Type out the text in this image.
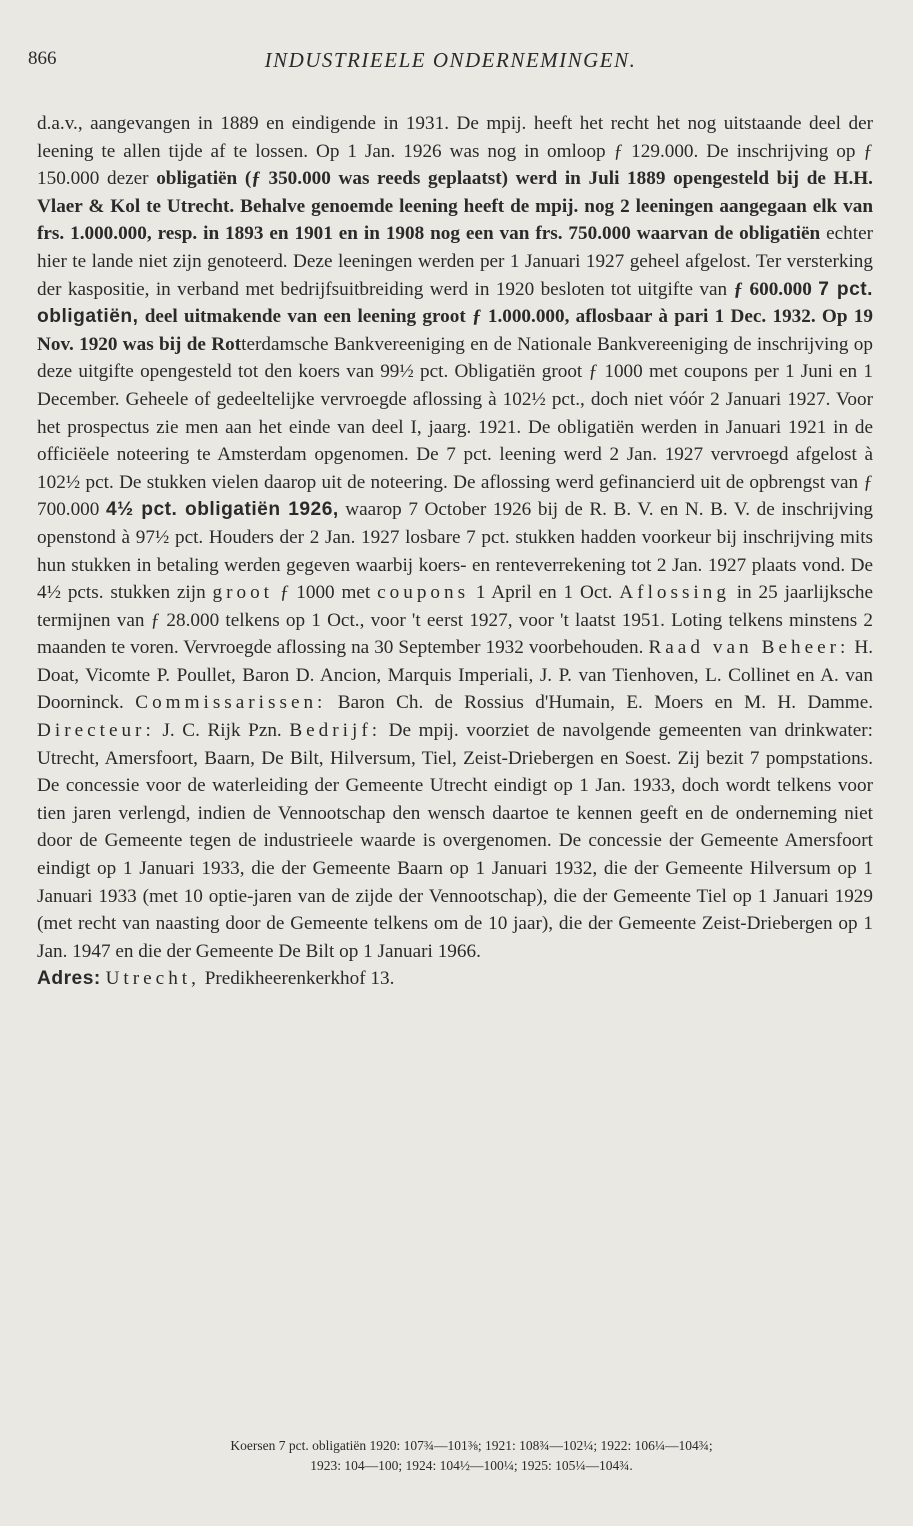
866	INDUSTRIEELE ONDERNEMINGEN.

d.a.v., aangevangen in 1889 en eindigende in 1931. De mpij. heeft het recht het nog uitstaande deel der leening te allen tijde af te lossen. Op 1 Jan. 1926 was nog in omloop ƒ 129.000. De inschrijving op ƒ 150.000 dezer obligatiën (ƒ 350.000 was reeds geplaatst) werd in Juli 1889 opengesteld bij de H.H. Vlaer & Kol te Utrecht. Behalve genoemde leening heeft de mpij. nog 2 leeningen aangegaan elk van frs. 1.000.000, resp. in 1893 en 1901 en in 1908 nog een van frs. 750.000 waarvan de obligatiën echter hier te lande niet zijn genoteerd. Deze leeningen werden per 1 Januari 1927 geheel afgelost. Ter versterking der kaspositie, in verband met bedrijfsuitbreiding werd in 1920 besloten tot uitgifte van ƒ 600.000 7 pct. obligatiën, deel uitmakende van een leening groot ƒ 1.000.000, aflosbaar à pari 1 Dec. 1932. Op 19 Nov. 1920 was bij de Rotterdamsche Bankvereeniging en de Nationale Bankvereeniging de inschrijving op deze uitgifte opengesteld tot den koers van 99½ pct. Obligatiën groot ƒ 1000 met coupons per 1 Juni en 1 December. Geheele of gedeeltelijke vervroegde aflossing à 102½ pct., doch niet vóór 2 Januari 1927. Voor het prospectus zie men aan het einde van deel I, jaarg. 1921. De obligatiën werden in Januari 1921 in de officiëele noteering te Amsterdam opgenomen. De 7 pct. leening werd 2 Jan. 1927 vervroegd afgelost à 102½ pct. De stukken vielen daarop uit de noteering. De aflossing werd gefinancierd uit de opbrengst van ƒ 700.000 4½ pct. obligatiën 1926, waarop 7 October 1926 bij de R. B. V. en N. B. V. de inschrijving openstond à 97½ pct. Houders der 2 Jan. 1927 losbare 7 pct. stukken hadden voorkeur bij inschrijving mits hun stukken in betaling werden gegeven waarbij koers- en renteverrekening tot 2 Jan. 1927 plaats vond. De 4½ pcts. stukken zijn groot ƒ 1000 met coupons 1 April en 1 Oct. Aflossing in 25 jaarlijksche termijnen van ƒ 28.000 telkens op 1 Oct., voor 't eerst 1927, voor 't laatst 1951. Loting telkens minstens 2 maanden te voren. Vervroegde aflossing na 30 September 1932 voorbehouden. Raad van Beheer: H. Doat, Vicomte P. Poullet, Baron D. Ancion, Marquis Imperiali, J. P. van Tienhoven, L. Collinet en A. van Doorninck. Commissarissen: Baron Ch. de Rossius d'Humain, E. Moers en M. H. Damme. Directeur: J. C. Rijk Pzn. Bedrijf: De mpij. voorziet de navolgende gemeenten van drinkwater: Utrecht, Amersfoort, Baarn, De Bilt, Hilversum, Tiel, Zeist-Driebergen en Soest. Zij bezit 7 pompstations. De concessie voor de waterleiding der Gemeente Utrecht eindigt op 1 Jan. 1933, doch wordt telkens voor tien jaren verlengd, indien de Vennootschap den wensch daartoe te kennen geeft en de onderneming niet door de Gemeente tegen de industrieele waarde is overgenomen. De concessie der Gemeente Amersfoort eindigt op 1 Januari 1933, die der Gemeente Baarn op 1 Januari 1932, die der Gemeente Hilversum op 1 Januari 1933 (met 10 optie-jaren van de zijde der Vennootschap), die der Gemeente Tiel op 1 Januari 1929 (met recht van naasting door de Gemeente telkens om de 10 jaar), die der Gemeente Zeist-Driebergen op 1 Jan. 1947 en die der Gemeente De Bilt op 1 Januari 1966.

Adres: Utrecht, Predikheerenkerkhof 13.

Koersen 7 pct. obligatiën 1920: 107¾—101⅜; 1921: 108¾—102¼; 1922: 106¼—104¾;
1923: 104—100; 1924: 104½—100¼; 1925: 105¼—104¾.
